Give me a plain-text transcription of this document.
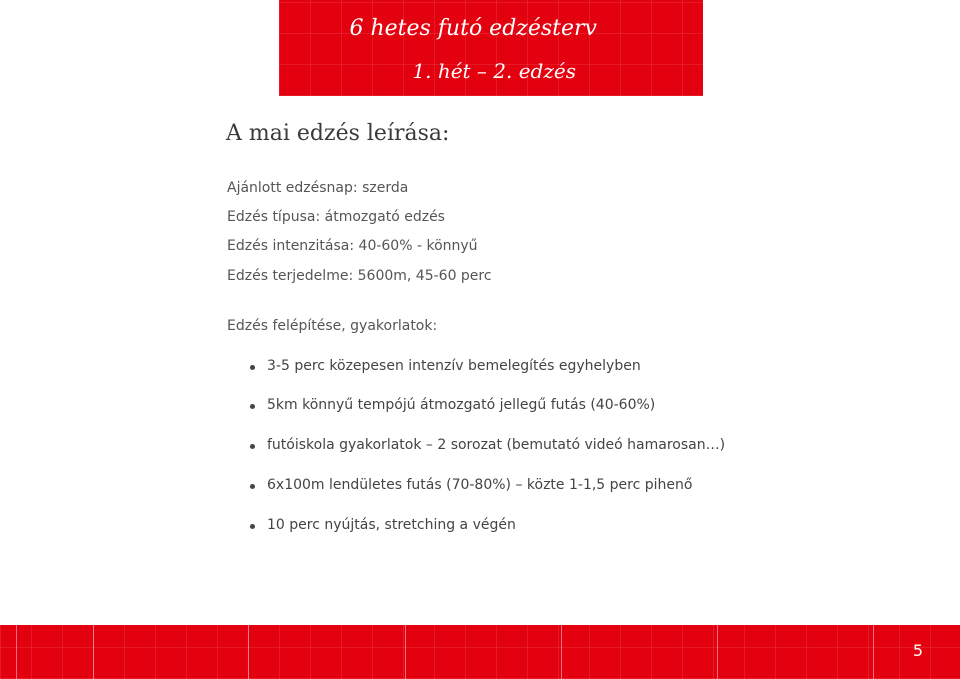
6 hetes futó edzésterv
1. hét – 2. edzés
A mai edzés leírása:
Ajánlott edzésnap: szerda
Edzés típusa: átmozgató edzés
Edzés intenzitása: 40-60% - könnyű
Edzés terjedelme: 5600m, 45-60 perc
Edzés felépítése, gyakorlatok:
3-5 perc közepesen intenzív bemelegítés egyhelyben
5km könnyű tempójú átmozgató jellegű futás (40-60%)
futóiskola gyakorlatok – 2 sorozat (bemutató videó hamarosan…)
6x100m lendületes futás (70-80%) – közte 1-1,5 perc pihenő
10 perc nyújtás, stretching a végén
5
